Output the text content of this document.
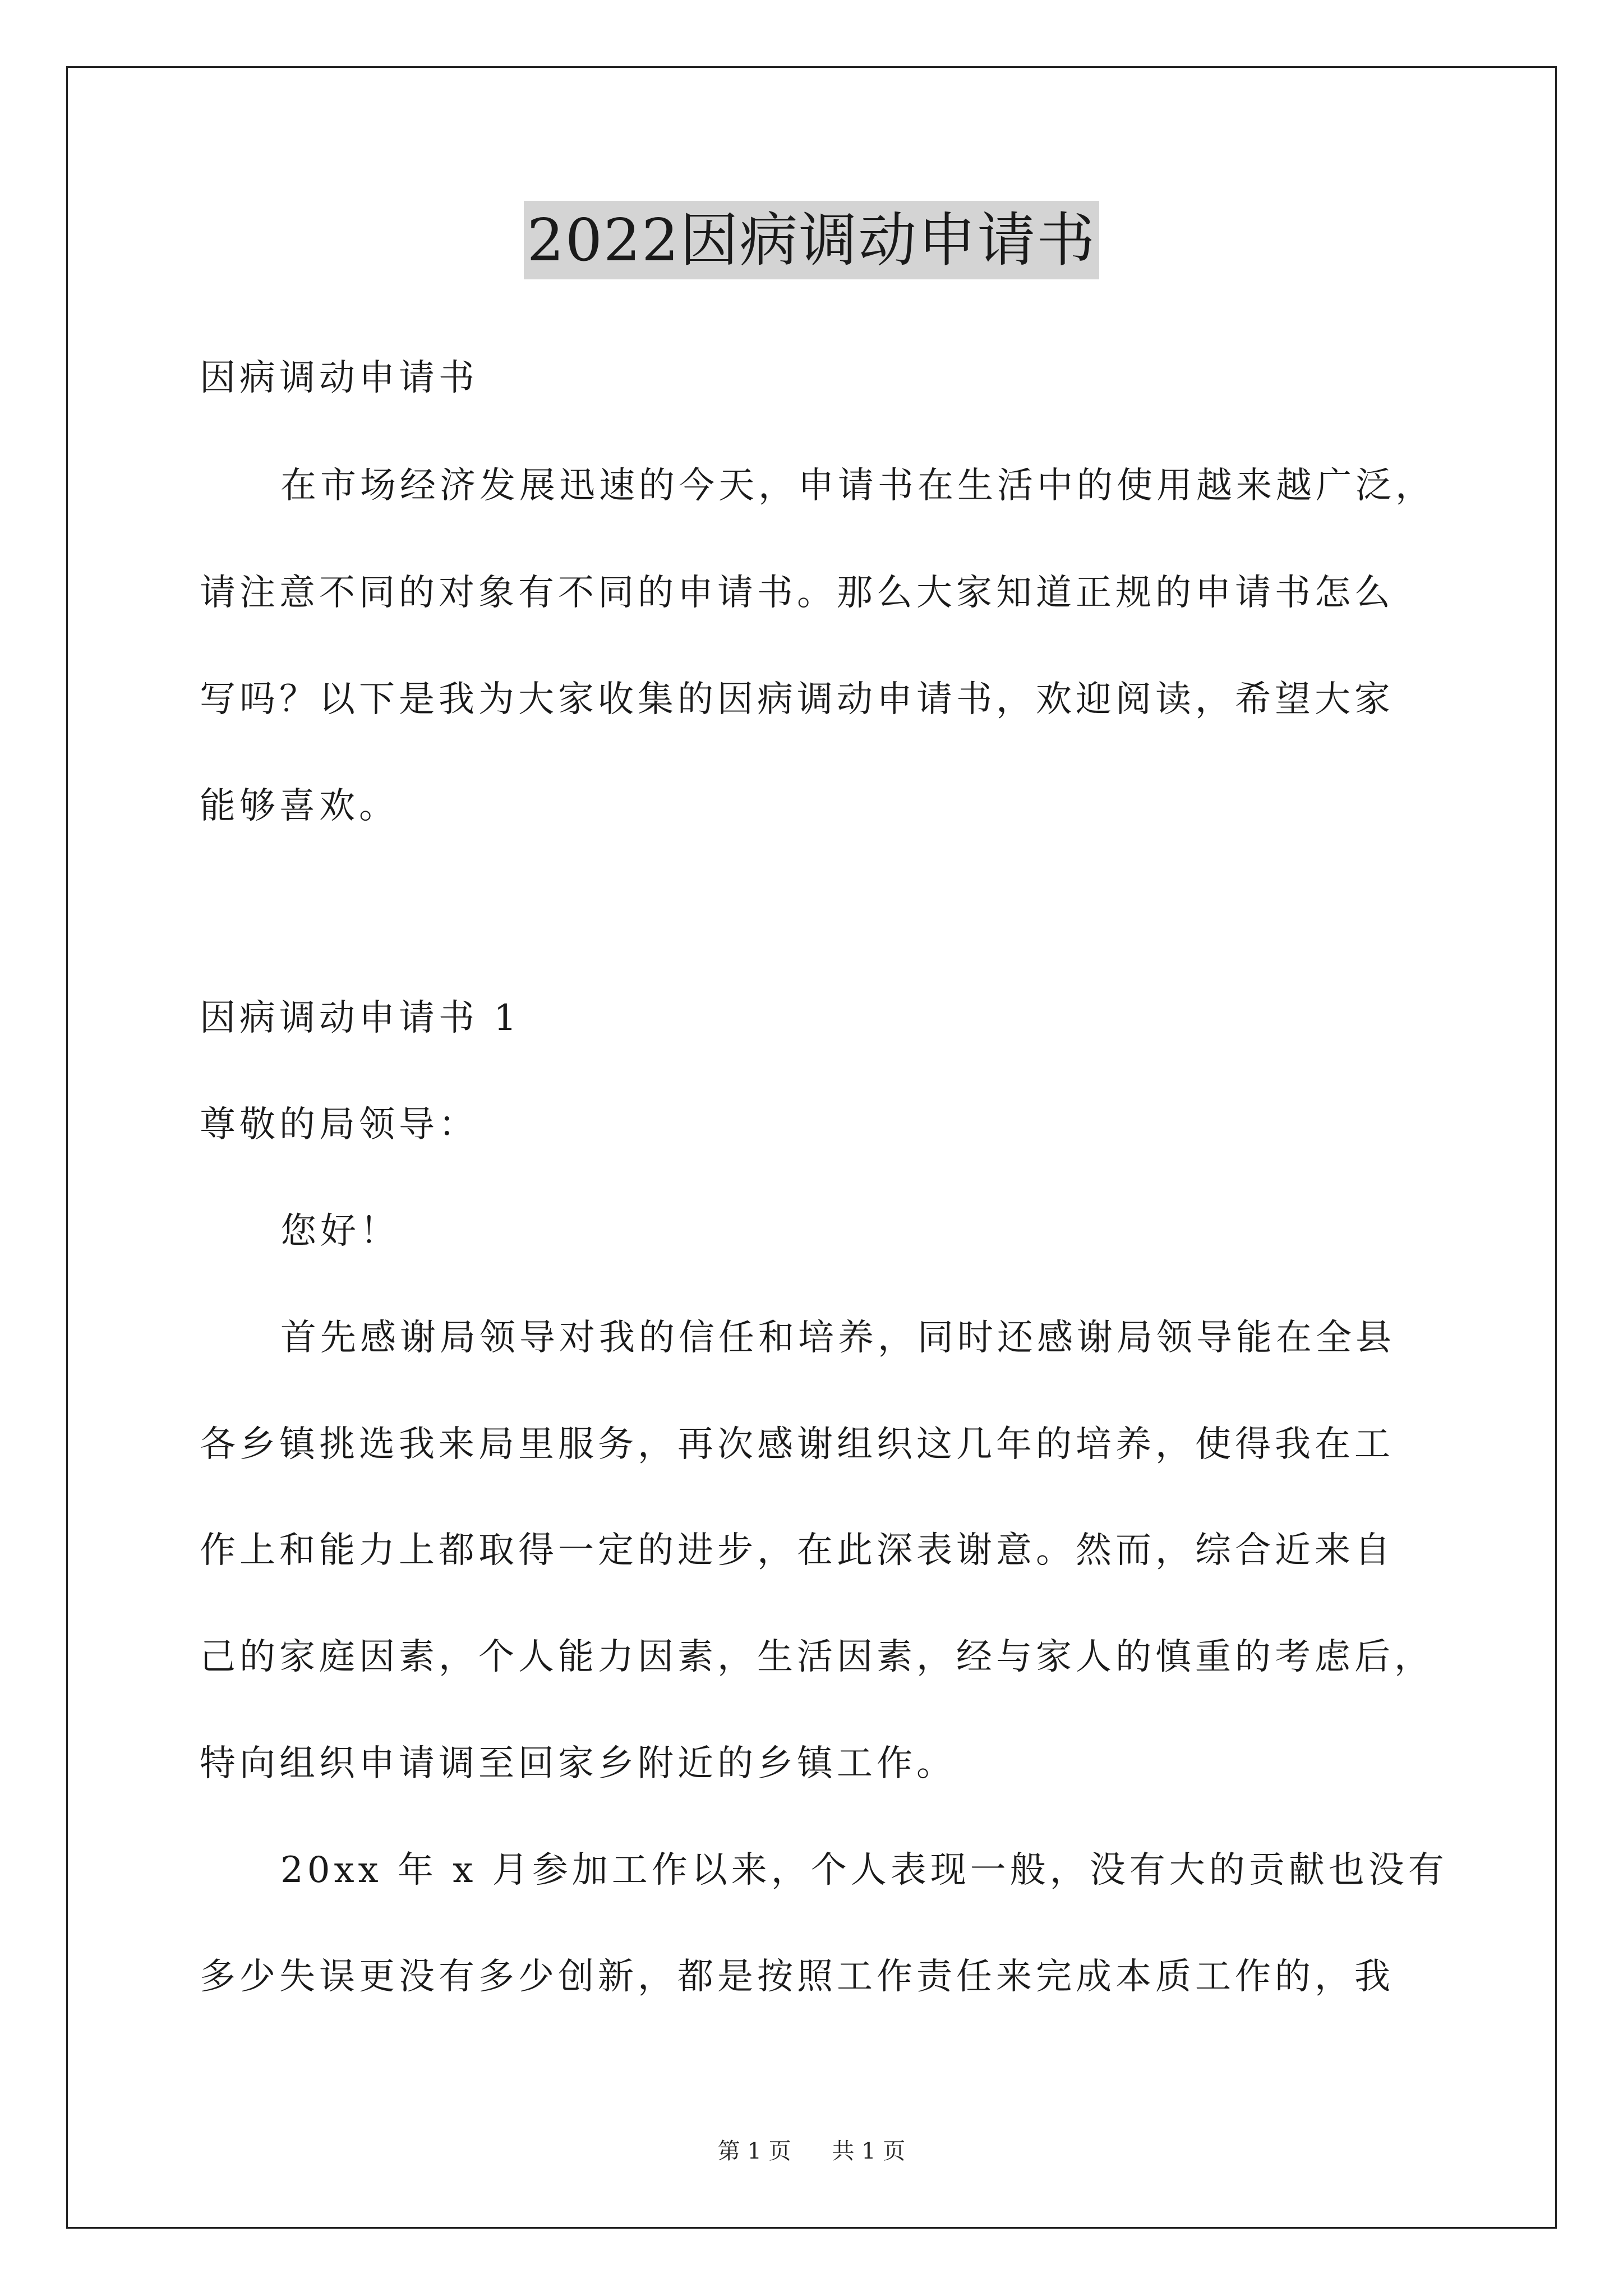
2022因病调动申请书
因病调动申请书
在市场经济发展迅速的今天，申请书在生活中的使用越来越广泛，
请注意不同的对象有不同的申请书。那么大家知道正规的申请书怎么
写吗？以下是我为大家收集的因病调动申请书，欢迎阅读，希望大家
能够喜欢。
因病调动申请书 1
尊敬的局领导：
您好！
首先感谢局领导对我的信任和培养，同时还感谢局领导能在全县
各乡镇挑选我来局里服务，再次感谢组织这几年的培养，使得我在工
作上和能力上都取得一定的进步，在此深表谢意。然而，综合近来自
己的家庭因素，个人能力因素，生活因素，经与家人的慎重的考虑后，
特向组织申请调至回家乡附近的乡镇工作。
20xx 年 x 月参加工作以来，个人表现一般，没有大的贡献也没有
多少失误更没有多少创新，都是按照工作责任来完成本质工作的，我
第 1 页 共 1 页
